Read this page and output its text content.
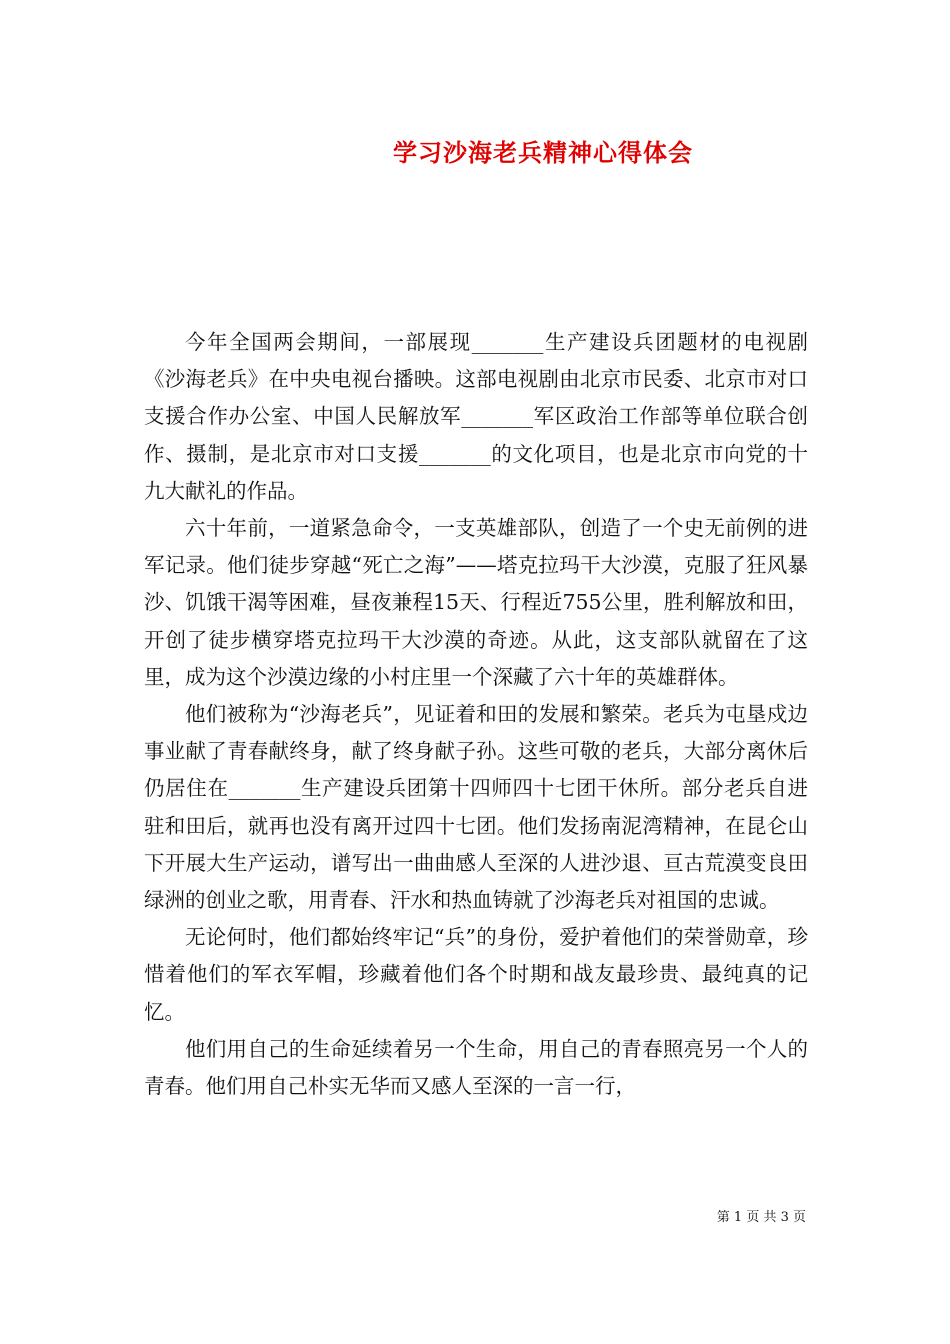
学习沙海老兵精神心得体会

今年全国两会期间，一部展现_______生产建设兵团题材的电视剧《沙海老兵》在中央电视台播映。这部电视剧由北京市民委、北京市对口支援合作办公室、中国人民解放军_______军区政治工作部等单位联合创作、摄制，是北京市对口支援_______的文化项目，也是北京市向党的十九大献礼的作品。

六十年前，一道紧急命令，一支英雄部队，创造了一个史无前例的进军记录。他们徒步穿越“死亡之海”——塔克拉玛干大沙漠，克服了狂风暴沙、饥饿干渴等困难，昼夜兼程15天、行程近755公里，胜利解放和田，开创了徒步横穿塔克拉玛干大沙漠的奇迹。从此，这支部队就留在了这里，成为这个沙漠边缘的小村庄里一个深藏了六十年的英雄群体。

他们被称为“沙海老兵”，见证着和田的发展和繁荣。老兵为屯垦戍边事业献了青春献终身，献了终身献子孙。这些可敬的老兵，大部分离休后仍居住在_______生产建设兵团第十四师四十七团干休所。部分老兵自进驻和田后，就再也没有离开过四十七团。他们发扬南泥湾精神，在昆仑山下开展大生产运动，谱写出一曲曲感人至深的人进沙退、亘古荒漠变良田绿洲的创业之歌，用青春、汗水和热血铸就了沙海老兵对祖国的忠诚。

无论何时，他们都始终牢记“兵”的身份，爱护着他们的荣誉勋章，珍惜着他们的军衣军帽，珍藏着他们各个时期和战友最珍贵、最纯真的记忆。

他们用自己的生命延续着另一个生命，用自己的青春照亮另一个人的青春。他们用自己朴实无华而又感人至深的一言一行，

第 1 页 共 3 页
